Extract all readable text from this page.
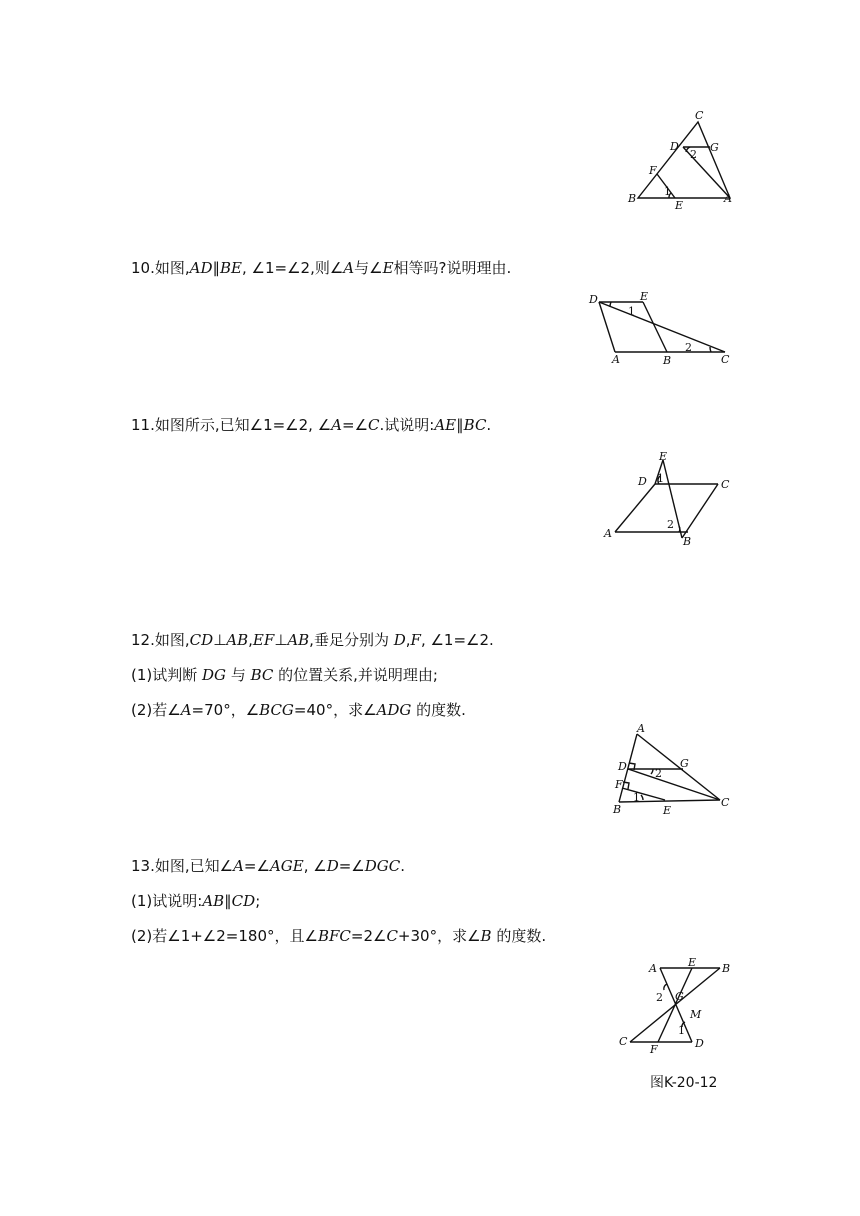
10.如图,AD∥BE, ∠1=∠2,则∠A与∠E相等吗?说明理由.
11.如图所示,已知∠1=∠2, ∠A=∠C.试说明:AE∥BC.
12.如图,CD⊥AB,EF⊥AB,垂足分别为 D,F, ∠1=∠2.
(1)试判断 DG 与 BC 的位置关系,并说明理由;
(2)若∠A=70°，∠BCG=40°，求∠ADG 的度数.
13.如图,已知∠A=∠AGE, ∠D=∠DGC.
(1)试说明:AB∥CD;
(2)若∠1+∠2=180°，且∠BFC=2∠C+30°，求∠B 的度数.
C
D	G
2
F
1
B
E
A
D	E
1
2
A	B	C
E
D 1	C
2
A
B
A
D	G
2
F
1
B	E
C
A	E B
2 G
M
1
C
F	D
图K-20-12
